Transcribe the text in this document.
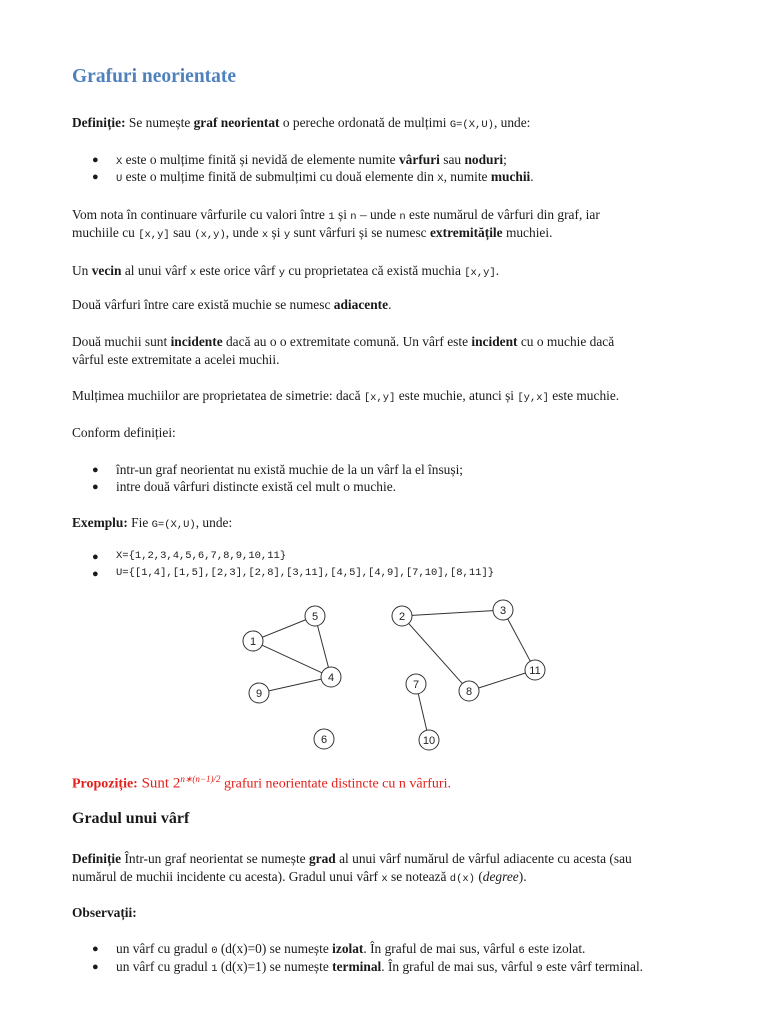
Grafuri neorientate
Definiție: Se numește graf neorientat o pereche ordonată de mulțimi G=(X,U), unde:
● X este o mulțime finită și nevidă de elemente numite vârfuri sau noduri;
● U este o mulțime finită de submulțimi cu două elemente din X, numite muchii.
Vom nota în continuare vârfurile cu valori între 1 și n – unde n este numărul de vârfuri din graf, iar
muchiile cu [x,y] sau (x,y), unde x și y sunt vârfuri și se numesc extremitățile muchiei.
Un vecin al unui vârf x este orice vârf y cu proprietatea că există muchia [x,y].
Două vârfuri între care există muchie se numesc adiacente.
Două muchii sunt incidente dacă au o o extremitate comună. Un vârf este incident cu o muchie dacă
vârful este extremitate a acelei muchii.
Mulțimea muchiilor are proprietatea de simetrie: dacă [x,y] este muchie, atunci și [y,x] este muchie.
Conform definiției:
● într-un graf neorientat nu există muchie de la un vârf la el însuși;
● intre două vârfuri distincte există cel mult o muchie.
Exemplu: Fie G=(X,U), unde:
● X={1,2,3,4,5,6,7,8,9,10,11}
● U={[1,4],[1,5],[2,3],[2,8],[3,11],[4,5],[4,9],[7,10],[8,11]}
1
2	3
4
5
6
7
8
9
10
11
Propoziție: Sunt $2^{n∗(n-1)/2}$ grafuri neorientate distincte cu n vârfuri.
Gradul unui vârf
Definiție Într-un graf neorientat se numește grad al unui vârf numărul de vârful adiacente cu acesta (sau
numărul de muchii incidente cu acesta). Gradul unui vârf x se notează d(x) (degree).
Observații:
● un vârf cu gradul 0 (d(x)=0) se numește izolat. În graful de mai sus, vârful 6 este izolat.
● un vârf cu gradul 1 (d(x)=1) se numește terminal. În graful de mai sus, vârful 9 este vârf terminal.
